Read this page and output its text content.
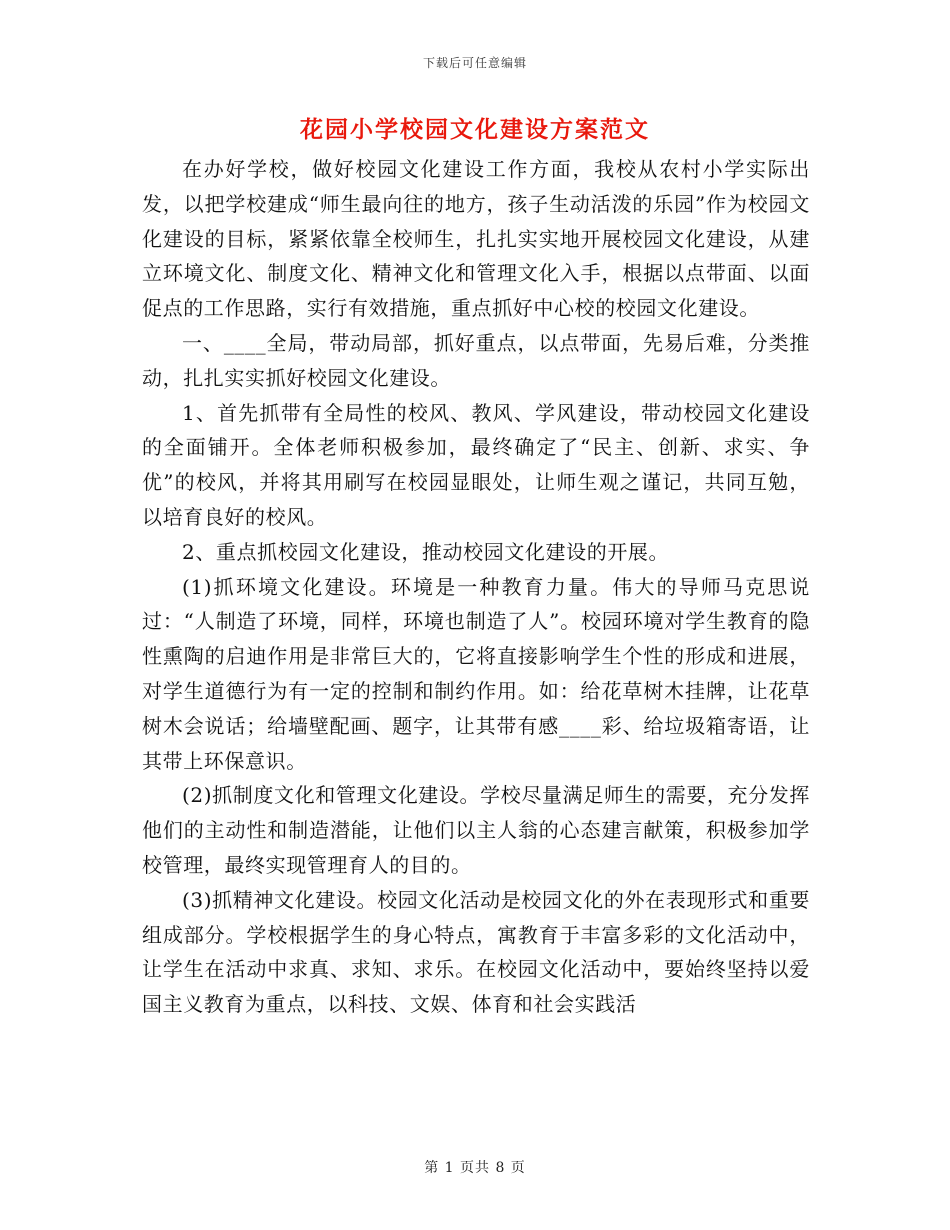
下载后可任意编辑
花园小学校园文化建设方案范文

在办好学校，做好校园文化建设工作方面，我校从农村小学实际出发，以把学校建成“师生最向往的地方，孩子生动活泼的乐园”作为校园文化建设的目标，紧紧依靠全校师生，扎扎实实地开展校园文化建设，从建立环境文化、制度文化、精神文化和管理文化入手，根据以点带面、以面促点的工作思路，实行有效措施，重点抓好中心校的校园文化建设。

一、____全局，带动局部，抓好重点，以点带面，先易后难，分类推动，扎扎实实抓好校园文化建设。

1、首先抓带有全局性的校风、教风、学风建设，带动校园文化建设的全面铺开。全体老师积极参加，最终确定了“民主、创新、求实、争优”的校风，并将其用刷写在校园显眼处，让师生观之谨记，共同互勉，以培育良好的校风。

2、重点抓校园文化建设，推动校园文化建设的开展。

(1)抓环境文化建设。环境是一种教育力量。伟大的导师马克思说过：“人制造了环境，同样，环境也制造了人”。校园环境对学生教育的隐性熏陶的启迪作用是非常巨大的，它将直接影响学生个性的形成和进展，对学生道德行为有一定的控制和制约作用。如：给花草树木挂牌，让花草树木会说话；给墙壁配画、题字，让其带有感____彩、给垃圾箱寄语，让其带上环保意识。

(2)抓制度文化和管理文化建设。学校尽量满足师生的需要，充分发挥他们的主动性和制造潜能，让他们以主人翁的心态建言献策，积极参加学校管理，最终实现管理育人的目的。

(3)抓精神文化建设。校园文化活动是校园文化的外在表现形式和重要组成部分。学校根据学生的身心特点，寓教育于丰富多彩的文化活动中，让学生在活动中求真、求知、求乐。在校园文化活动中，要始终坚持以爱国主义教育为重点，以科技、文娱、体育和社会实践活

第 1 页共 8 页
